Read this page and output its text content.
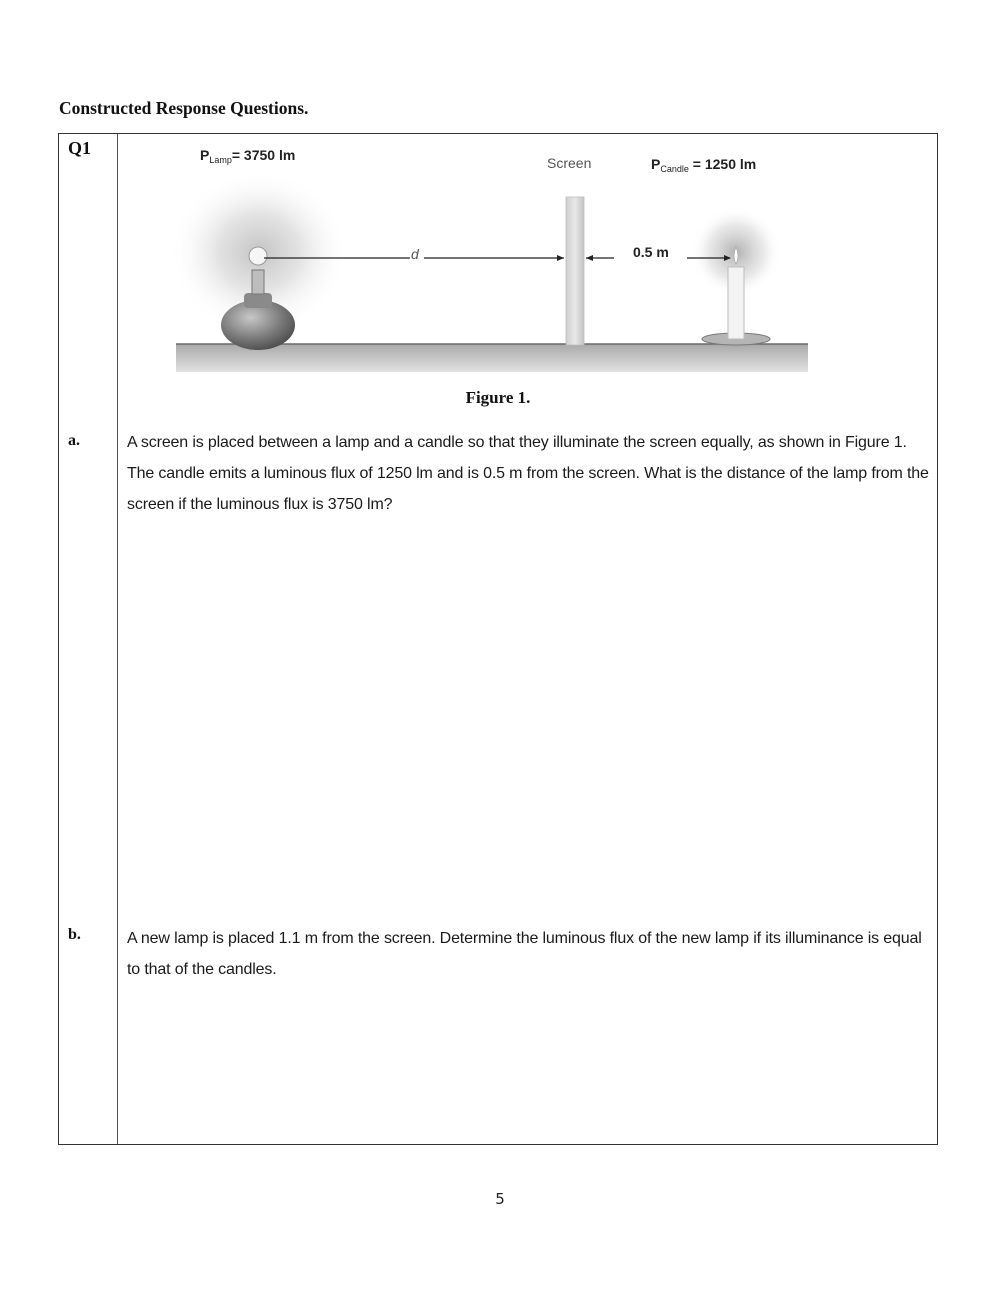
Constructed Response Questions.
Q1	$P_{Lamp}= 3750$ lm	Screen	$P_{Candle} = 1250$ lm
d	0.5 m
Figure 1.
a.	A screen is placed between a lamp and a candle so that they illuminate the screen equally, as shown in Figure 1. The candle emits a luminous flux of 1250 lm and is 0.5 m from the screen. What is the distance of the lamp from the screen if the luminous flux is 3750 lm?
b.	A new lamp is placed 1.1 m from the screen. Determine the luminous flux of the new lamp if its illuminance is equal to that of the candles.
5
